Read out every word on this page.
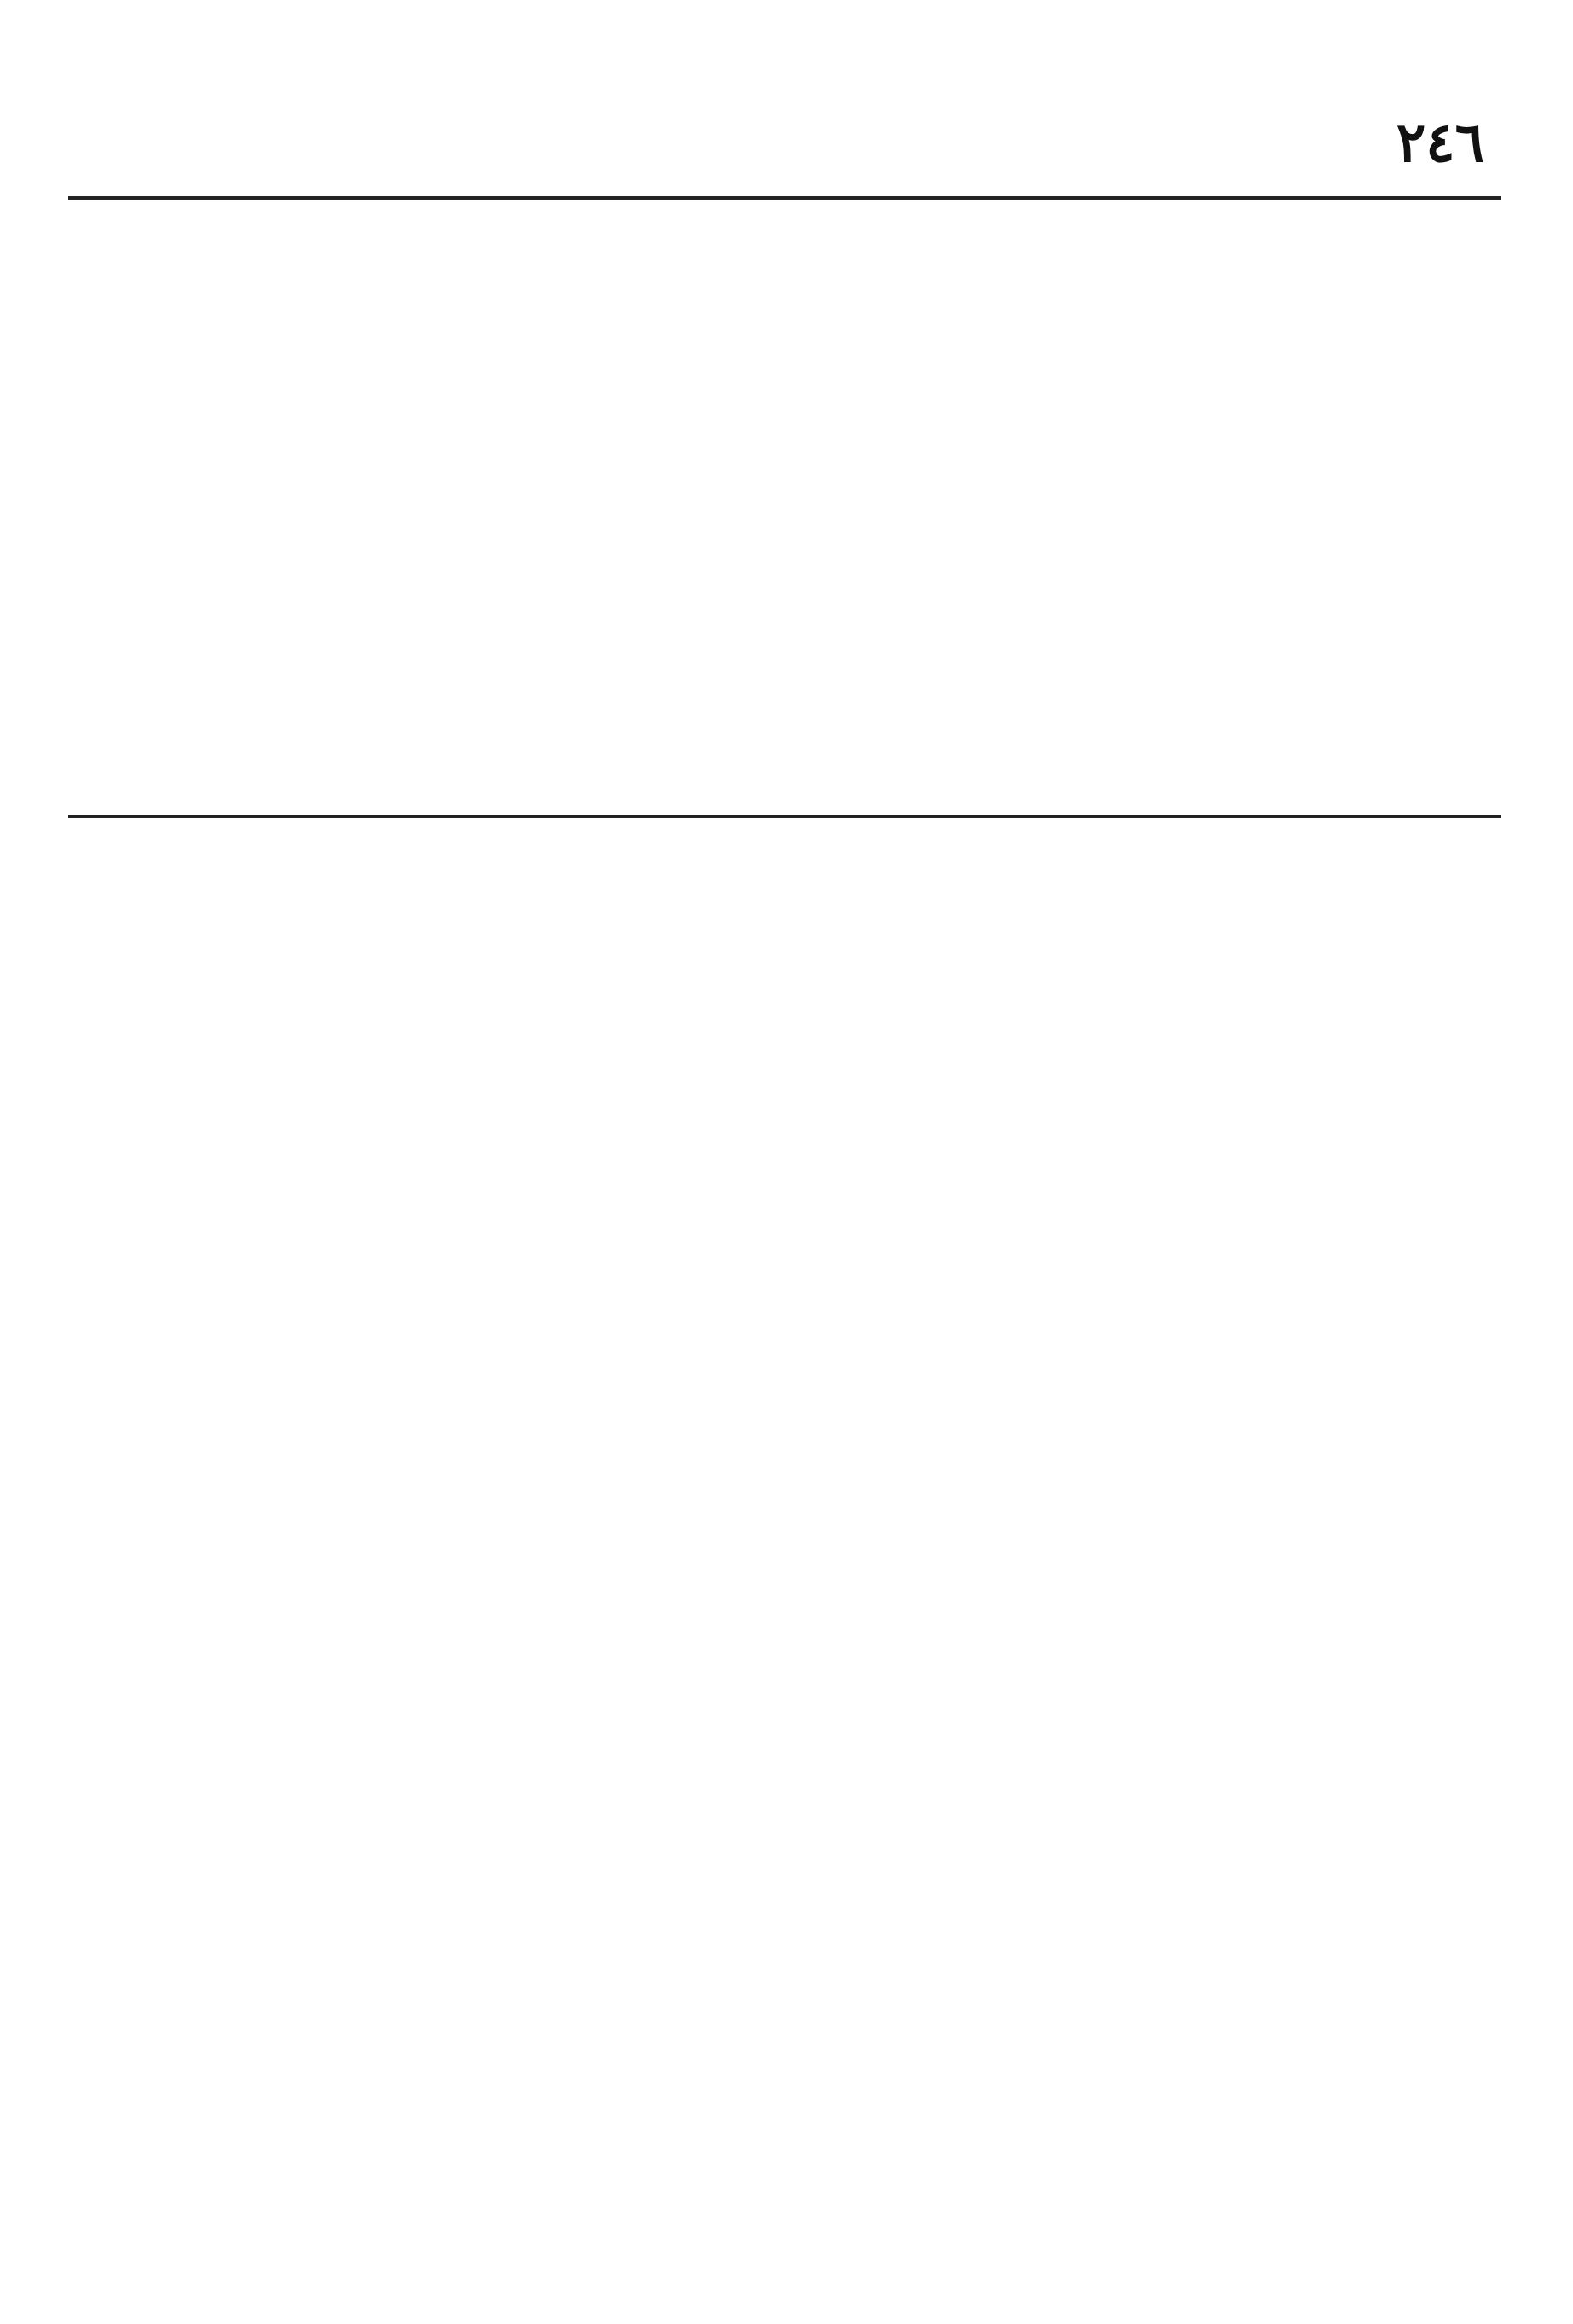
٢٤٦
